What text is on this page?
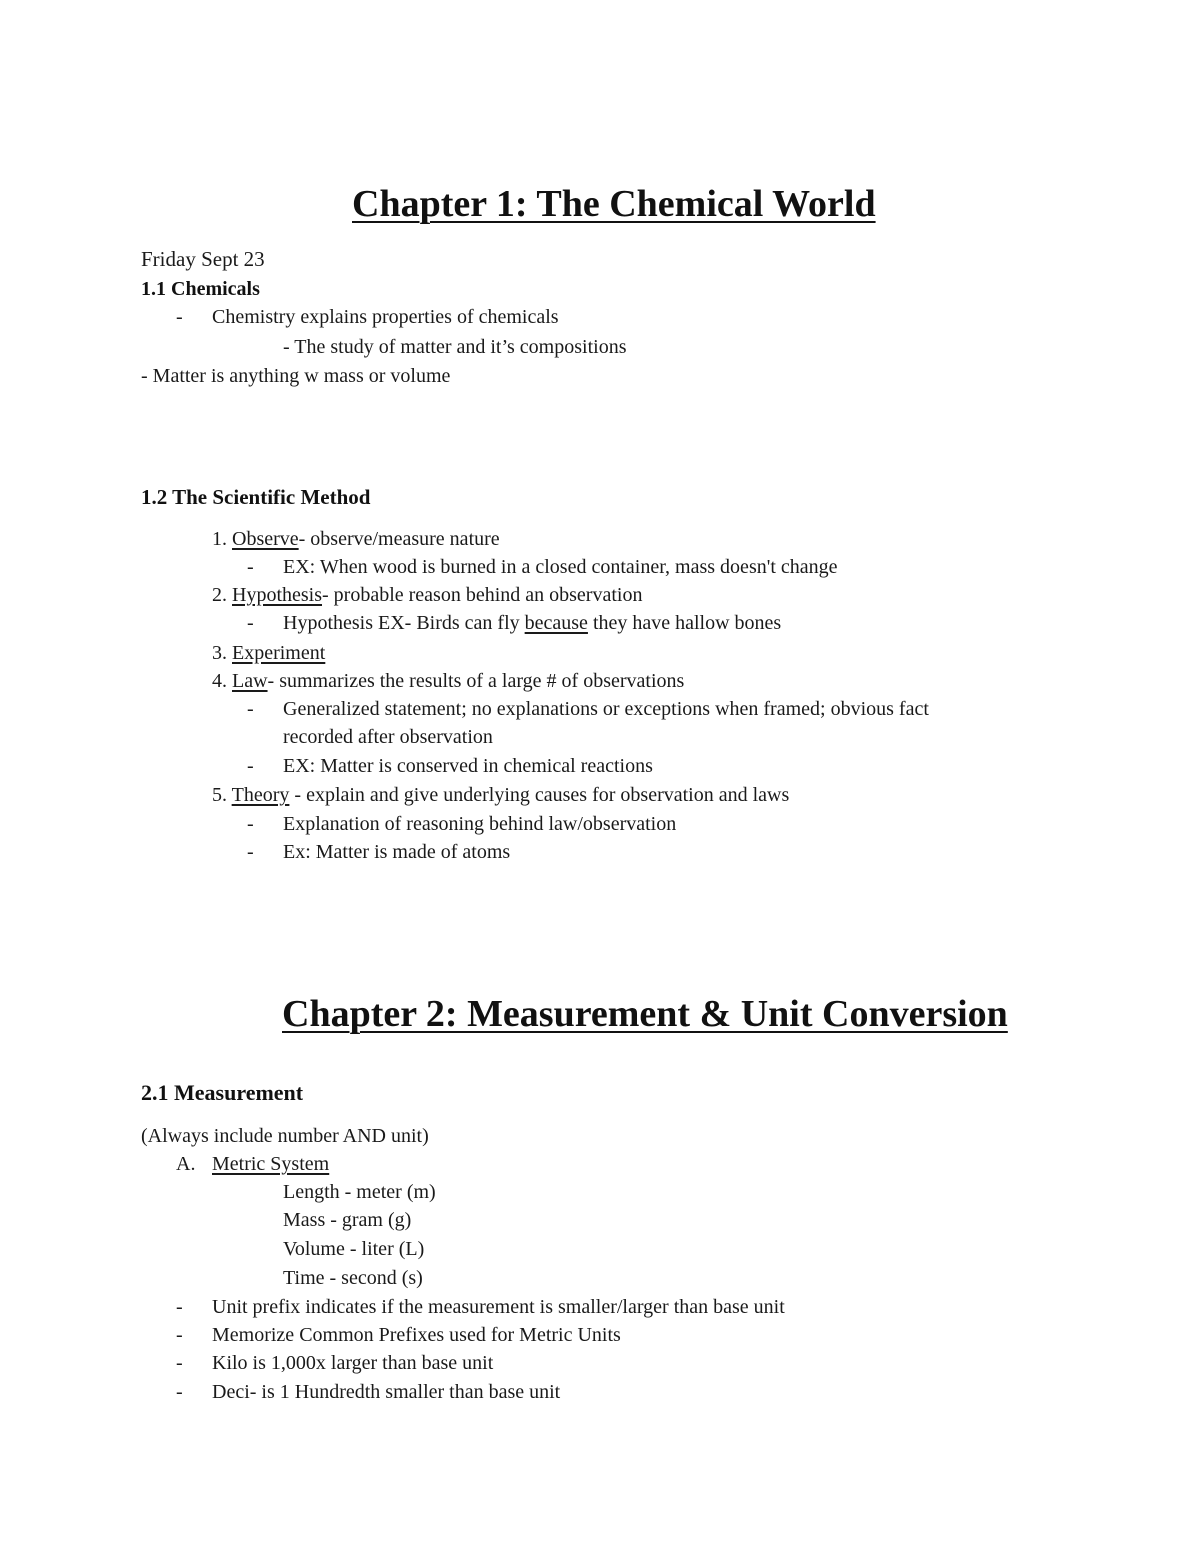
Chapter 1: The Chemical World
Friday Sept 23
1.1 Chemicals
- Chemistry explains properties of chemicals
- The study of matter and it’s compositions
- Matter is anything w mass or volume
1.2 The Scientific Method
1. Observe- observe/measure nature
- EX: When wood is burned in a closed container, mass doesn't change
2. Hypothesis- probable reason behind an observation
- Hypothesis EX- Birds can fly because they have hallow bones
3. Experiment
4. Law- summarizes the results of a large # of observations
- Generalized statement; no explanations or exceptions when framed; obvious fact
recorded after observation
- EX: Matter is conserved in chemical reactions
5. Theory - explain and give underlying causes for observation and laws
- Explanation of reasoning behind law/observation
- Ex: Matter is made of atoms
Chapter 2: Measurement & Unit Conversion
2.1 Measurement
(Always include number AND unit)
A. Metric System
Length - meter (m)
Mass - gram (g)
Volume - liter (L)
Time - second (s)
- Unit prefix indicates if the measurement is smaller/larger than base unit
- Memorize Common Prefixes used for Metric Units
- Kilo is 1,000x larger than base unit
- Deci- is 1 Hundredth smaller than base unit
